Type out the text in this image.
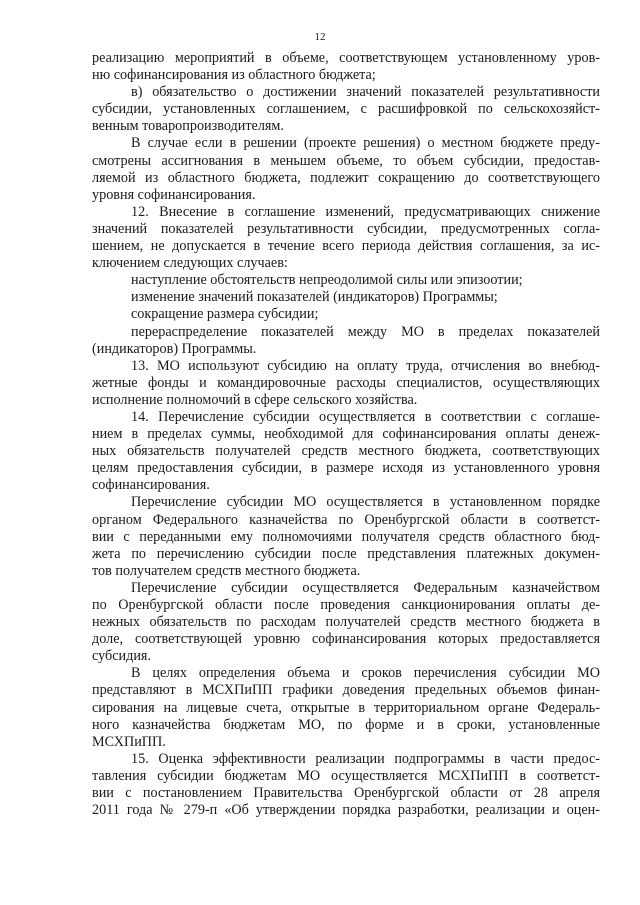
12
реализацию мероприятий в объеме, соответствующем установленному уров-
ню софинансирования из областного бюджета;
в) обязательство о достижении значений показателей результативности
субсидии, установленных соглашением, с расшифровкой по сельскохозяйст-
венным товаропроизводителям.
В случае если в решении (проекте решения) о местном бюджете преду-
смотрены ассигнования в меньшем объеме, то объем субсидии, предостав-
ляемой из областного бюджета, подлежит сокращению до соответствующего
уровня софинансирования.
12. Внесение в соглашение изменений, предусматривающих снижение
значений показателей результативности субсидии, предусмотренных согла-
шением, не допускается в течение всего периода действия соглашения, за ис-
ключением следующих случаев:
наступление обстоятельств непреодолимой силы или эпизоотии;
изменение значений показателей (индикаторов) Программы;
сокращение размера субсидии;
перераспределение показателей между МО в пределах показателей
(индикаторов) Программы.
13. МО используют субсидию на оплату труда, отчисления во внебюд-
жетные фонды и командировочные расходы специалистов, осуществляющих
исполнение полномочий в сфере сельского хозяйства.
14. Перечисление субсидии осуществляется в соответствии с соглаше-
нием в пределах суммы, необходимой для софинансирования оплаты денеж-
ных обязательств получателей средств местного бюджета, соответствующих
целям предоставления субсидии, в размере исходя из установленного уровня
софинансирования.
Перечисление субсидии МО осуществляется в установленном порядке
органом Федерального казначейства по Оренбургской области в соответст-
вии с переданными ему полномочиями получателя средств областного бюд-
жета по перечислению субсидии после представления платежных докумен-
тов получателем средств местного бюджета.
Перечисление субсидии осуществляется Федеральным казначейством
по Оренбургской области после проведения санкционирования оплаты де-
нежных обязательств по расходам получателей средств местного бюджета в
доле, соответствующей уровню софинансирования которых предоставляется
субсидия.
В целях определения объема и сроков перечисления субсидии МО
представляют в МСХПиПП графики доведения предельных объемов финан-
сирования на лицевые счета, открытые в территориальном органе Федераль-
ного казначейства бюджетам МО, по форме и в сроки, установленные
МСХПиПП.
15. Оценка эффективности реализации подпрограммы в части предос-
тавления субсидии бюджетам МО осуществляется МСХПиПП в соответст-
вии с постановлением Правительства Оренбургской области от 28 апреля
2011 года № 279-п «Об утверждении порядка разработки, реализации и оцен-
